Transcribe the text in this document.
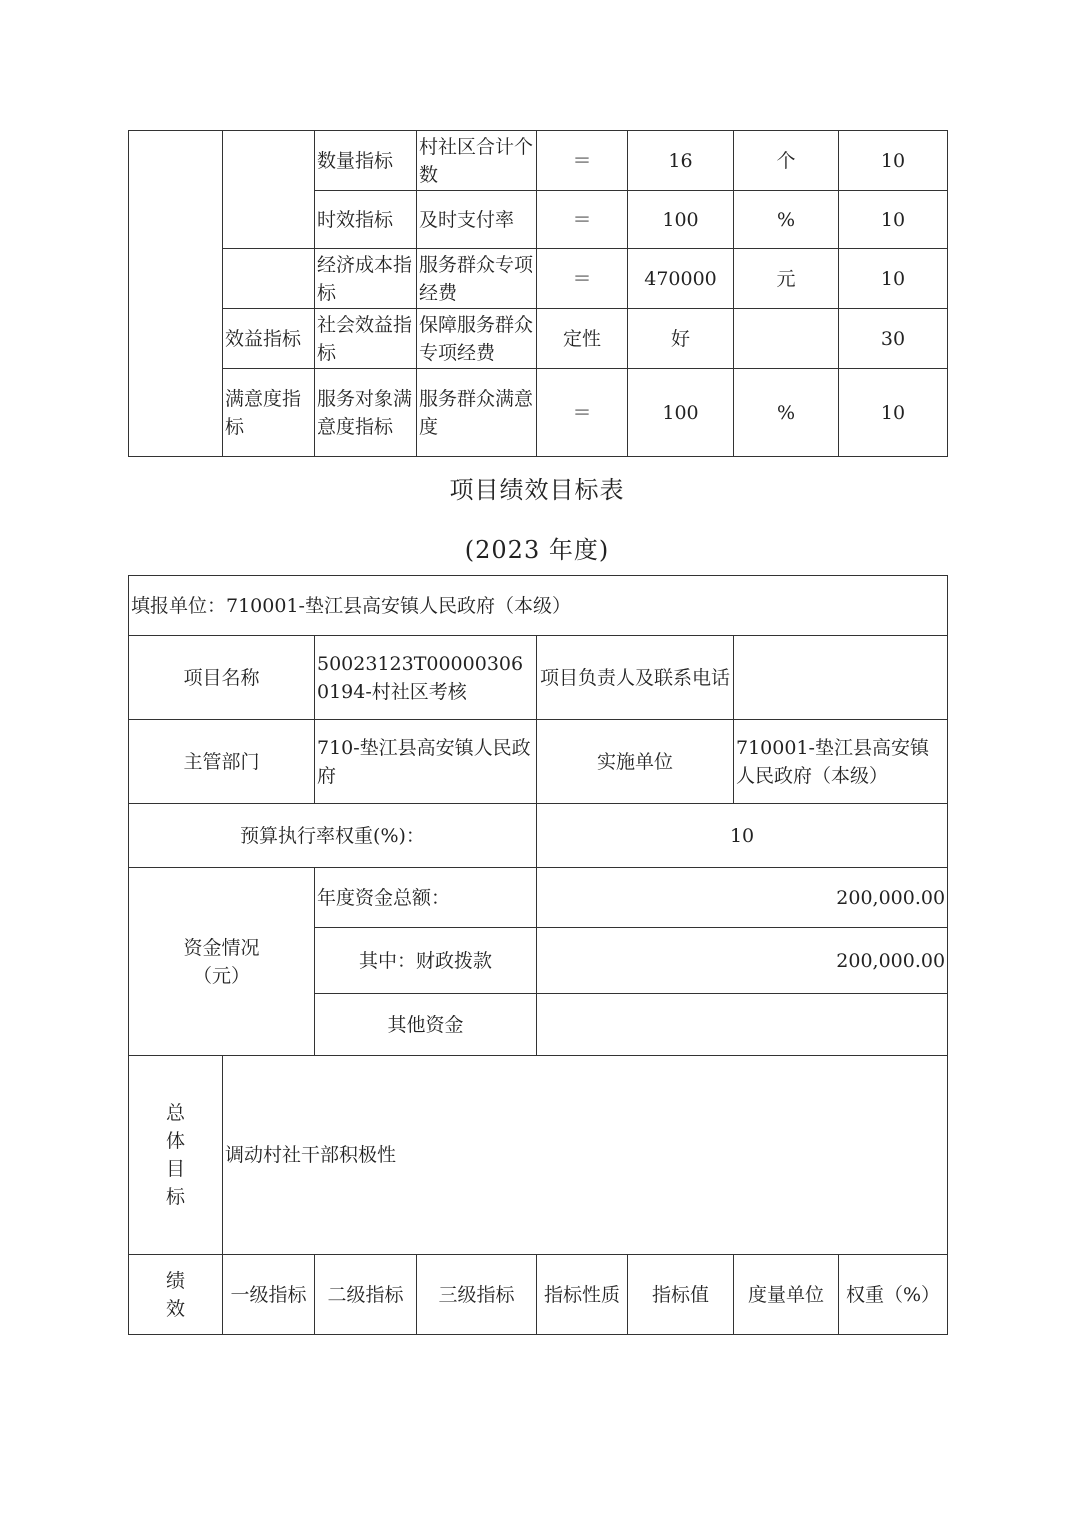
		数量指标	村社区合计个数	＝	16	个	10
		时效指标	及时支付率	＝	100	%	10
		经济成本指标	服务群众专项经费	＝	470000	元	10
	效益指标	社会效益指标	保障服务群众专项经费	定性	好		30
	满意度指标	服务对象满意度指标	服务群众满意度	＝	100	%	10
项目绩效目标表
(2023 年度)
填报单位：710001-垫江县高安镇人民政府（本级）							
项目名称		50023123T000003060194-村社区考核		项目负责人及联系电话			
主管部门		710-垫江县高安镇人民政府		实施单位		710001-垫江县高安镇人民政府（本级）	
预算执行率权重(%)：				10			
资金情况（元）		年度资金总额：		200,000.00			
		其中：财政拨款		200,000.00			
		其他资金					
总体目标	调动村社干部积极性						
绩效	一级指标	二级指标	三级指标	指标性质	指标值	度量单位	权重（%）
